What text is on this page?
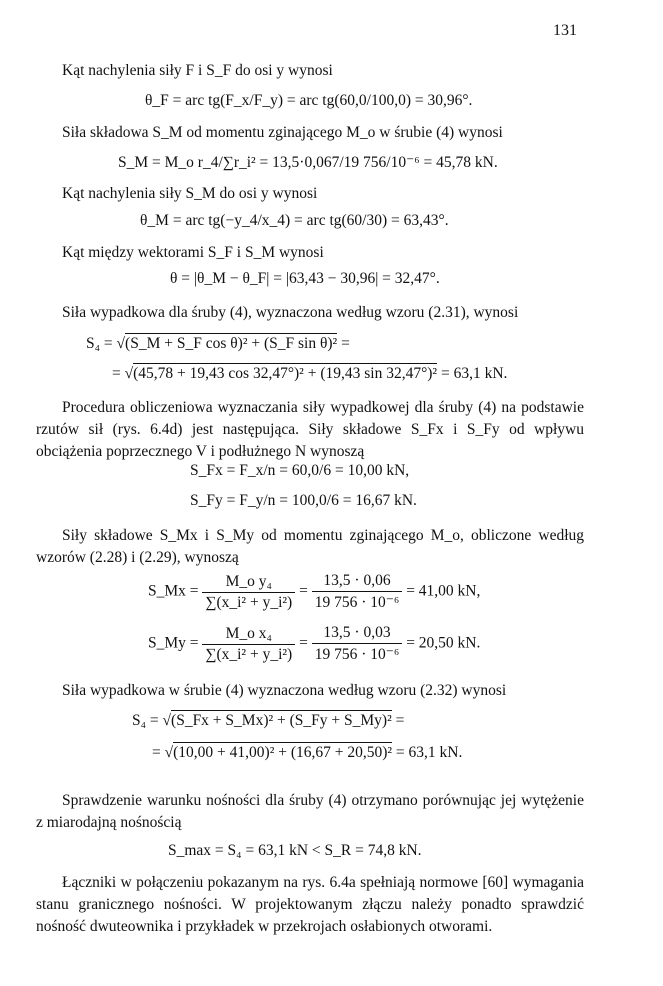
131
Kąt nachylenia siły F i S_F do osi y wynosi
θ_F = arc tg(F_x/F_y) = arc tg(60,0/100,0) = 30,96°.
Siła składowa S_M od momentu zginającego M_o w śrubie (4) wynosi
S_M = M_o r_4/∑r_i² = 13,5·0,067/19 756/10⁻⁶ = 45,78 kN.
Kąt nachylenia siły S_M do osi y wynosi
θ_M = arc tg(−y_4/x_4) = arc tg(60/30) = 63,43°.
Kąt między wektorami S_F i S_M wynosi
θ = |θ_M − θ_F| = |63,43 − 30,96| = 32,47°.
Siła wypadkowa dla śruby (4), wyznaczona według wzoru (2.31), wynosi
S₄ = √(S_M + S_F cos θ)² + (S_F sin θ)² =
= √(45,78 + 19,43 cos 32,47°)² + (19,43 sin 32,47°)² = 63,1 kN.
Procedura obliczeniowa wyznaczania siły wypadkowej dla śruby (4) na podstawie rzutów sił (rys. 6.4d) jest następująca. Siły składowe S_Fx i S_Fy od wpływu obciążenia poprzecznego V i podłużnego N wynoszą
S_Fx = F_x/n = 60,0/6 = 10,00 kN,
S_Fy = F_y/n = 100,0/6 = 16,67 kN.
Siły składowe S_Mx i S_My od momentu zginającego M_o, obliczone według wzorów (2.28) i (2.29), wynoszą
S_Mx = $\frac{\text{M\_o y₄}}{\text{∑(x\_i² + y\_i²)}} = \frac{13,5 \cdot 0,06}{\text{19 756 · 10⁻⁶}} = 41,00$ kN,
S_My = $\frac{\text{M\_o x₄}}{\text{∑(x\_i² + y\_i²)}} = \frac{13,5 \cdot 0,03}{\text{19 756 · 10⁻⁶}} = 20,50$ kN.
Siła wypadkowa w śrubie (4) wyznaczona według wzoru (2.32) wynosi
S₄ = √(S_Fx + S_Mx)² + (S_Fy + S_My)² =
= √(10,00 + 41,00)² + (16,67 + 20,50)² = 63,1 kN.
Sprawdzenie warunku nośności dla śruby (4) otrzymano porównując jej wytężenie z miarodajną nośnością
S_max = S₄ = 63,1 kN < S_R = 74,8 kN.
Łączniki w połączeniu pokazanym na rys. 6.4a spełniają normowe [60] wymagania stanu granicznego nośności. W projektowanym złączu należy ponadto sprawdzić nośność dwuteownika i przykładek w przekrojach osłabionych otworami.
